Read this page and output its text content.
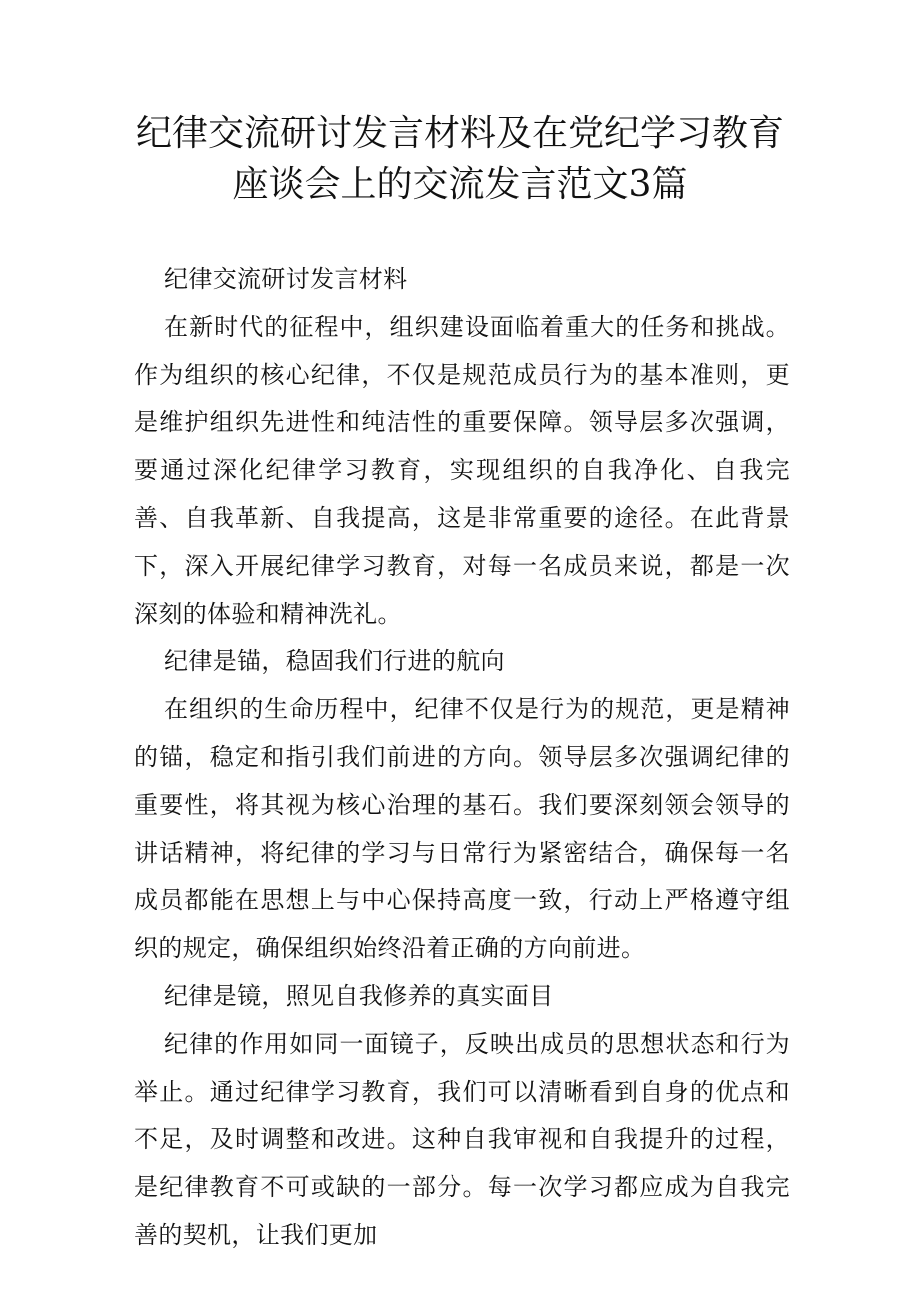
纪律交流研讨发言材料及在党纪学习教育
座谈会上的交流发言范文3篇

纪律交流研讨发言材料

在新时代的征程中，组织建设面临着重大的任务和挑战。作为组织的核心纪律，不仅是规范成员行为的基本准则，更是维护组织先进性和纯洁性的重要保障。领导层多次强调，要通过深化纪律学习教育，实现组织的自我净化、自我完善、自我革新、自我提高，这是非常重要的途径。在此背景下，深入开展纪律学习教育，对每一名成员来说，都是一次深刻的体验和精神洗礼。

纪律是锚，稳固我们行进的航向

在组织的生命历程中，纪律不仅是行为的规范，更是精神的锚，稳定和指引我们前进的方向。领导层多次强调纪律的重要性，将其视为核心治理的基石。我们要深刻领会领导的讲话精神，将纪律的学习与日常行为紧密结合，确保每一名成员都能在思想上与中心保持高度一致，行动上严格遵守组织的规定，确保组织始终沿着正确的方向前进。

纪律是镜，照见自我修养的真实面目

纪律的作用如同一面镜子，反映出成员的思想状态和行为举止。通过纪律学习教育，我们可以清晰看到自身的优点和不足，及时调整和改进。这种自我审视和自我提升的过程，是纪律教育不可或缺的一部分。每一次学习都应成为自我完善的契机，让我们更加
